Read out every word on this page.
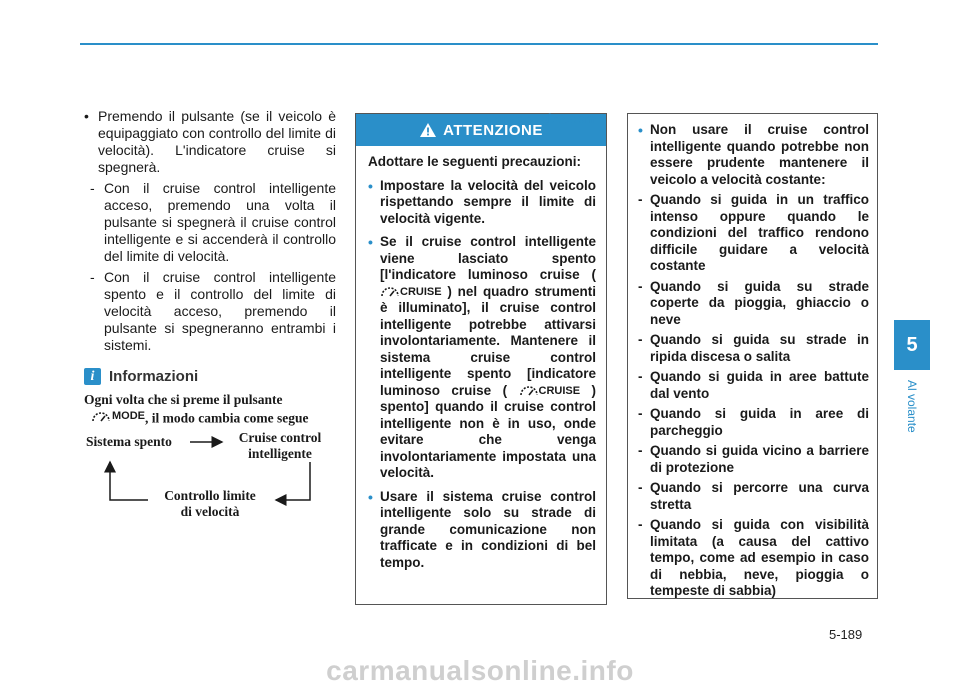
• Premendo il pulsante (se il veicolo è equipaggiato con controllo del limite di velocità). L'indicatore cruise si spegnerà.
- Con il cruise control intelligente acceso, premendo una volta il pulsante si spegnerà il cruise control intelligente e si accenderà il controllo del limite di velocità.
- Con il cruise control intelligente spento e il controllo del limite di velocità acceso, premendo il pulsante si spegneranno entrambi i sistemi.
i Informazioni
Ogni volta che si preme il pulsante

MODE , il modo cambia come segue
Sistema spento	Cruise control
intelligente
Controllo limite
di velocità
ATTENZIONE
Adottare le seguenti precauzioni:
• Impostare la velocità del veicolo rispettando sempre il limite di velocità vigente.
• Se il cruise control intelligente viene lasciato spento [l'indicatore luminoso cruise (
CRUISE ) nel quadro strumenti è illuminato], il cruise control intelligente potrebbe attivarsi involontariamente. Mantenere il sistema cruise control intelligente spento [indicatore luminoso cruise (	CRUISE ) spento] quando il cruise control intelligente non è in uso, onde evitare che venga involontariamente impostata una velocità.
• Usare il sistema cruise control intelligente solo su strade di grande comunicazione non trafficate e in condizioni di bel tempo.
• Non usare il cruise control intelligente quando potrebbe non essere prudente mantenere il veicolo a velocità costante:
- Quando si guida in un traffico intenso oppure quando le condizioni del traffico rendono difficile guidare a velocità costante
- Quando si guida su strade coperte da pioggia, ghiaccio o neve
- Quando si guida su strade in ripida discesa o salita
- Quando si guida in aree battute dal vento
- Quando si guida in aree di parcheggio
- Quando si guida vicino a barriere di protezione
- Quando si percorre una curva stretta
- Quando si guida con visibilità limitata (a causa del cattivo tempo, come ad esempio in caso di nebbia, neve, pioggia o tempeste di sabbia)
5
Al volante
5-189
CarManuals2.com
carmanualsonline.info
